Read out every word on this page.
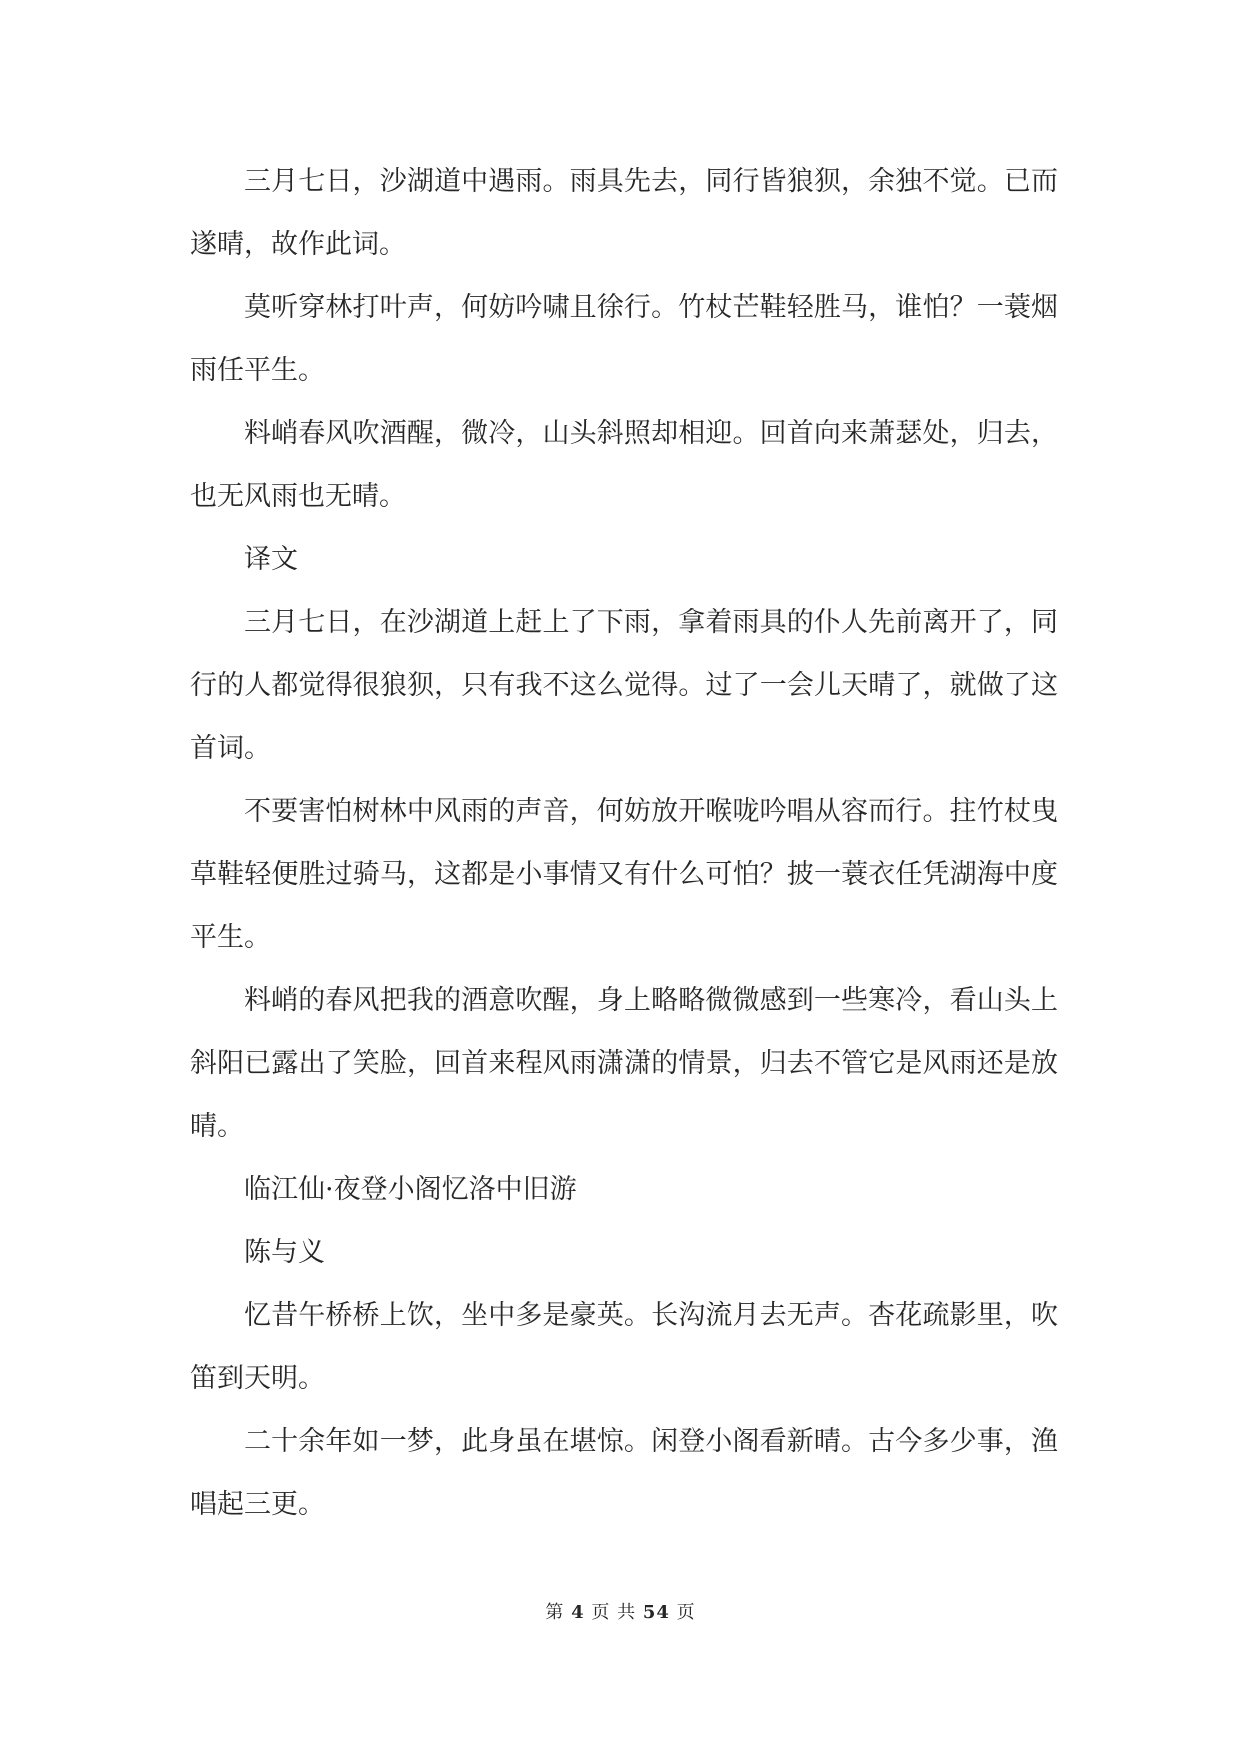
三月七日，沙湖道中遇雨。雨具先去，同行皆狼狈，余独不觉。已而遂晴，故作此词。

莫听穿林打叶声，何妨吟啸且徐行。竹杖芒鞋轻胜马，谁怕？一蓑烟雨任平生。

料峭春风吹酒醒，微冷，山头斜照却相迎。回首向来萧瑟处，归去，也无风雨也无晴。

译文

三月七日，在沙湖道上赶上了下雨，拿着雨具的仆人先前离开了，同行的人都觉得很狼狈，只有我不这么觉得。过了一会儿天晴了，就做了这首词。

不要害怕树林中风雨的声音，何妨放开喉咙吟唱从容而行。拄竹杖曳草鞋轻便胜过骑马，这都是小事情又有什么可怕？披一蓑衣任凭湖海中度平生。

料峭的春风把我的酒意吹醒，身上略略微微感到一些寒冷，看山头上斜阳已露出了笑脸，回首来程风雨潇潇的情景，归去不管它是风雨还是放晴。

临江仙·夜登小阁忆洛中旧游

陈与义

忆昔午桥桥上饮，坐中多是豪英。长沟流月去无声。杏花疏影里，吹笛到天明。

二十余年如一梦，此身虽在堪惊。闲登小阁看新晴。古今多少事，渔唱起三更。

第 4 页 共 54 页
